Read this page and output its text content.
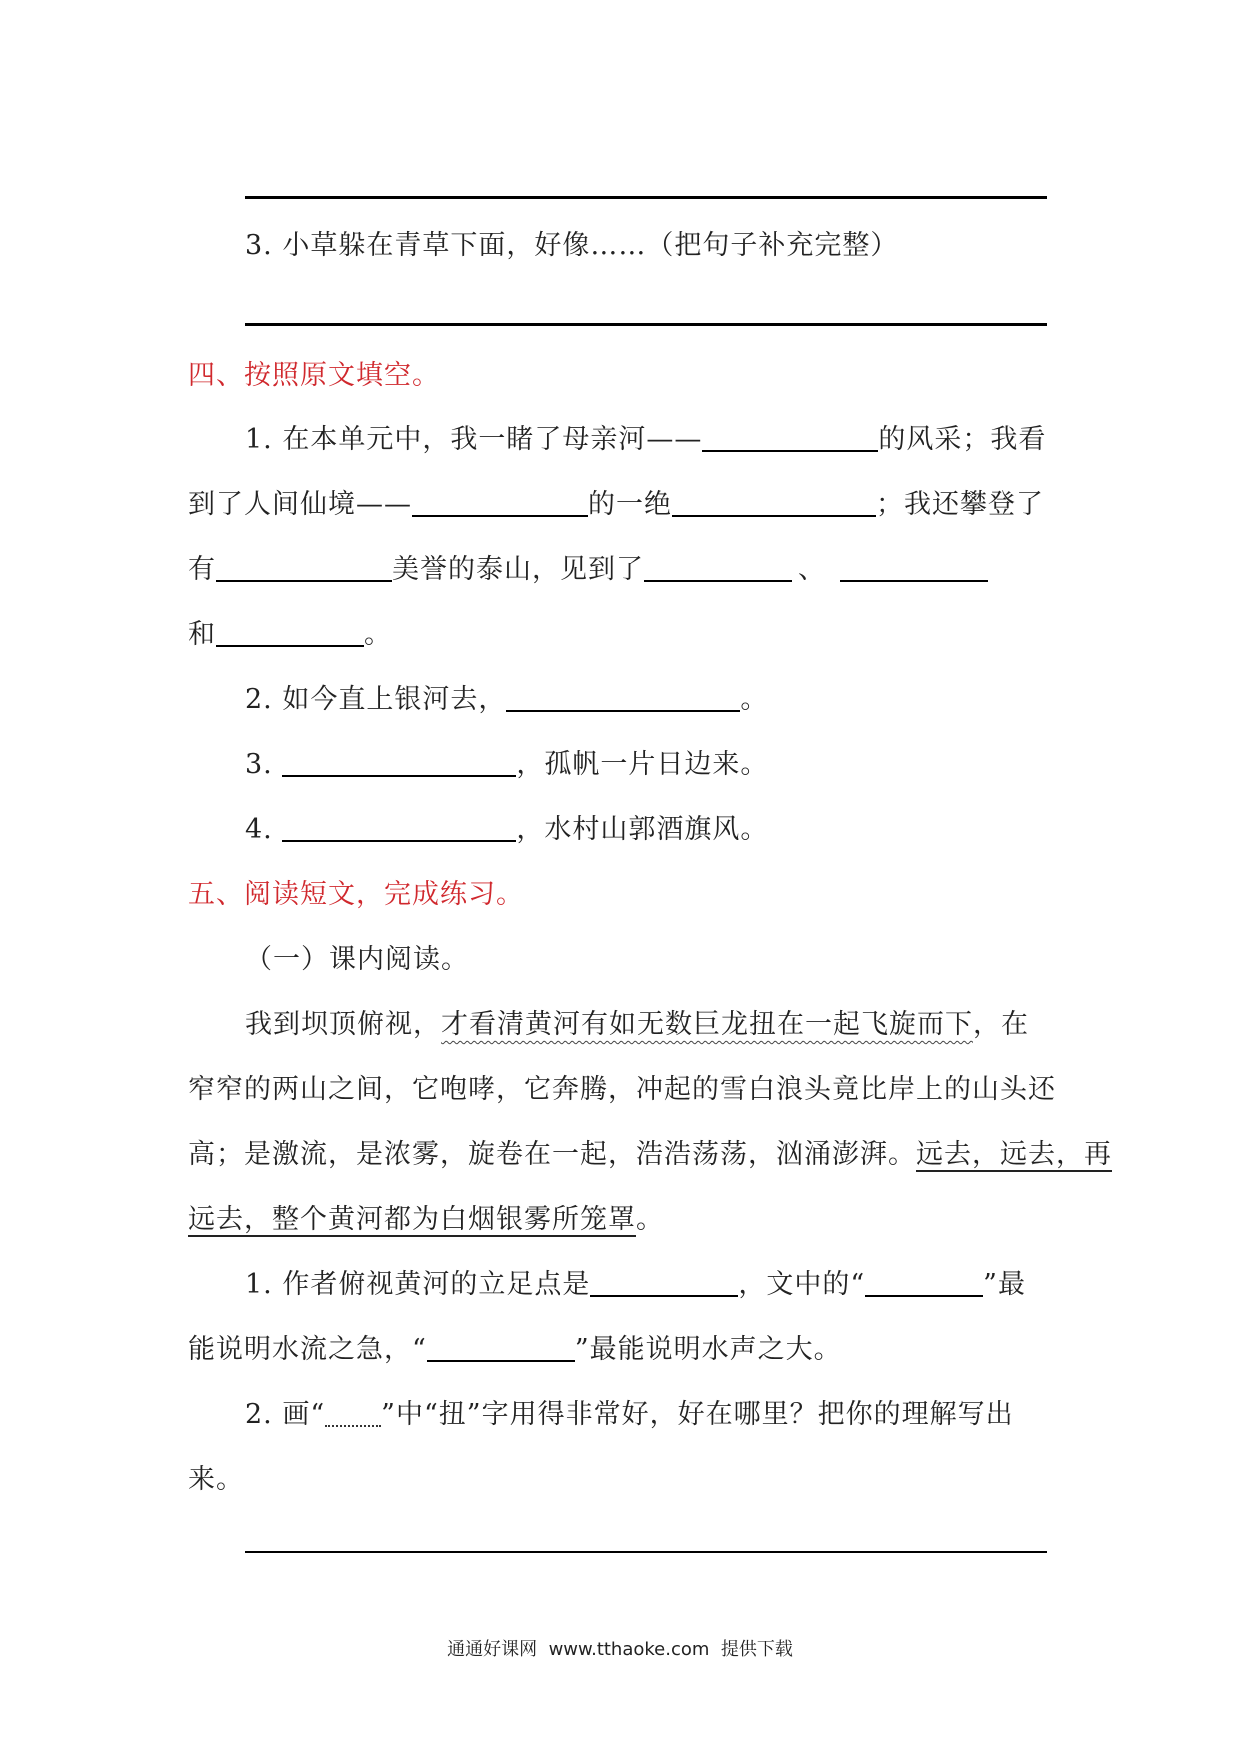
3. 小草躲在青草下面，好像……（把句子补充完整）
四、按照原文填空。
1. 在本单元中，我一睹了母亲河——	的风采；我看
到了人间仙境——	的一绝	；我还攀登了
有	美誉的泰山，见到了	、
和	。
2. 如今直上银河去，	。
3.	，孤帆一片日边来。
4.	，水村山郭酒旗风。
五、阅读短文，完成练习。
（一）课内阅读。
我到坝顶俯视，才看清黄河有如无数巨龙扭在一起飞旋而下，在
窄窄的两山之间，它咆哮，它奔腾，冲起的雪白浪头竟比岸上的山头还
高；是激流，是浓雾，旋卷在一起，浩浩荡荡，汹涌澎湃。远去，远去，再
远去，整个黄河都为白烟银雾所笼罩。
1. 作者俯视黄河的立足点是	，文中的“	”最
能说明水流之急，“	”最能说明水声之大。
2. 画“ ”中“扭”字用得非常好，好在哪里？把你的理解写出
来。
通通好课网  www.tthaoke.com  提供下载
